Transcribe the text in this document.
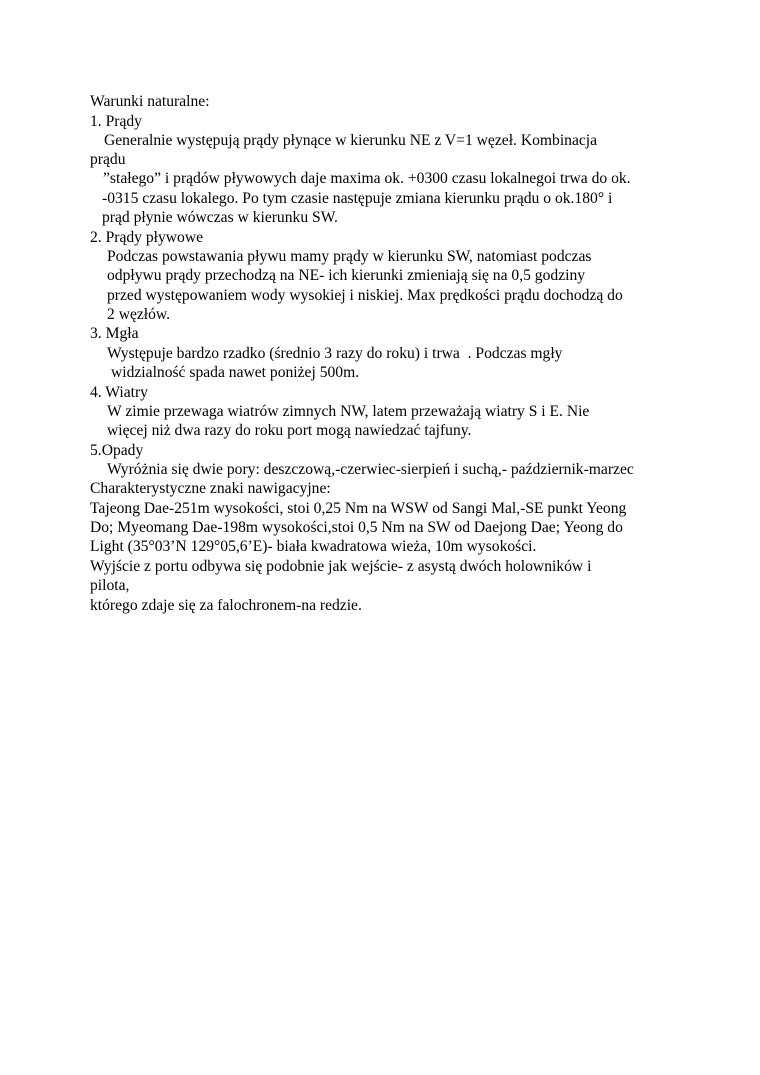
Warunki naturalne:
1. Prądy
Generalnie występują prądy płynące w kierunku NE z V=1 węzeł. Kombinacja
prądu
”stałego” i prądów pływowych daje maxima ok. +0300 czasu lokalnegoi trwa do ok.
-0315 czasu lokalego. Po tym czasie następuje zmiana kierunku prądu o ok.180° i
prąd płynie wówczas w kierunku SW.
2. Prądy pływowe
Podczas powstawania pływu mamy prądy w kierunku SW, natomiast podczas
odpływu prądy przechodzą na NE- ich kierunki zmieniają się na 0,5 godziny
przed występowaniem wody wysokiej i niskiej. Max prędkości prądu dochodzą do
2 węzłów.
3. Mgła
Występuje bardzo rzadko (średnio 3 razy do roku) i trwa  . Podczas mgły
widzialność spada nawet poniżej 500m.
4. Wiatry
W zimie przewaga wiatrów zimnych NW, latem przeważają wiatry S i E. Nie
więcej niż dwa razy do roku port mogą nawiedzać tajfuny.
5.Opady
Wyróżnia się dwie pory: deszczową,-czerwiec-sierpień i suchą,- październik-marzec
Charakterystyczne znaki nawigacyjne:
Tajeong Dae-251m wysokości, stoi 0,25 Nm na WSW od Sangi Mal,-SE punkt Yeong
Do; Myeomang Dae-198m wysokości,stoi 0,5 Nm na SW od Daejong Dae; Yeong do
Light (35°03’N 129°05,6’E)- biała kwadratowa wieża, 10m wysokości.
Wyjście z portu odbywa się podobnie jak wejście- z asystą dwóch holowników i
pilota,
którego zdaje się za falochronem-na redzie.
